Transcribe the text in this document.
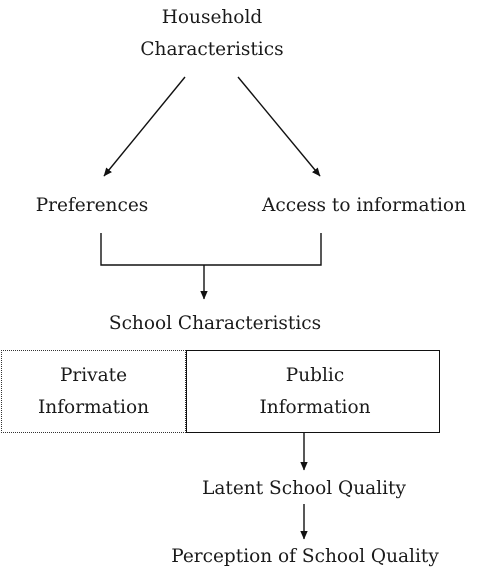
Household
Characteristics
Preferences	Access to information
School Characteristics
Private
Information
Public
Information
Latent School Quality
Perception of School Quality
